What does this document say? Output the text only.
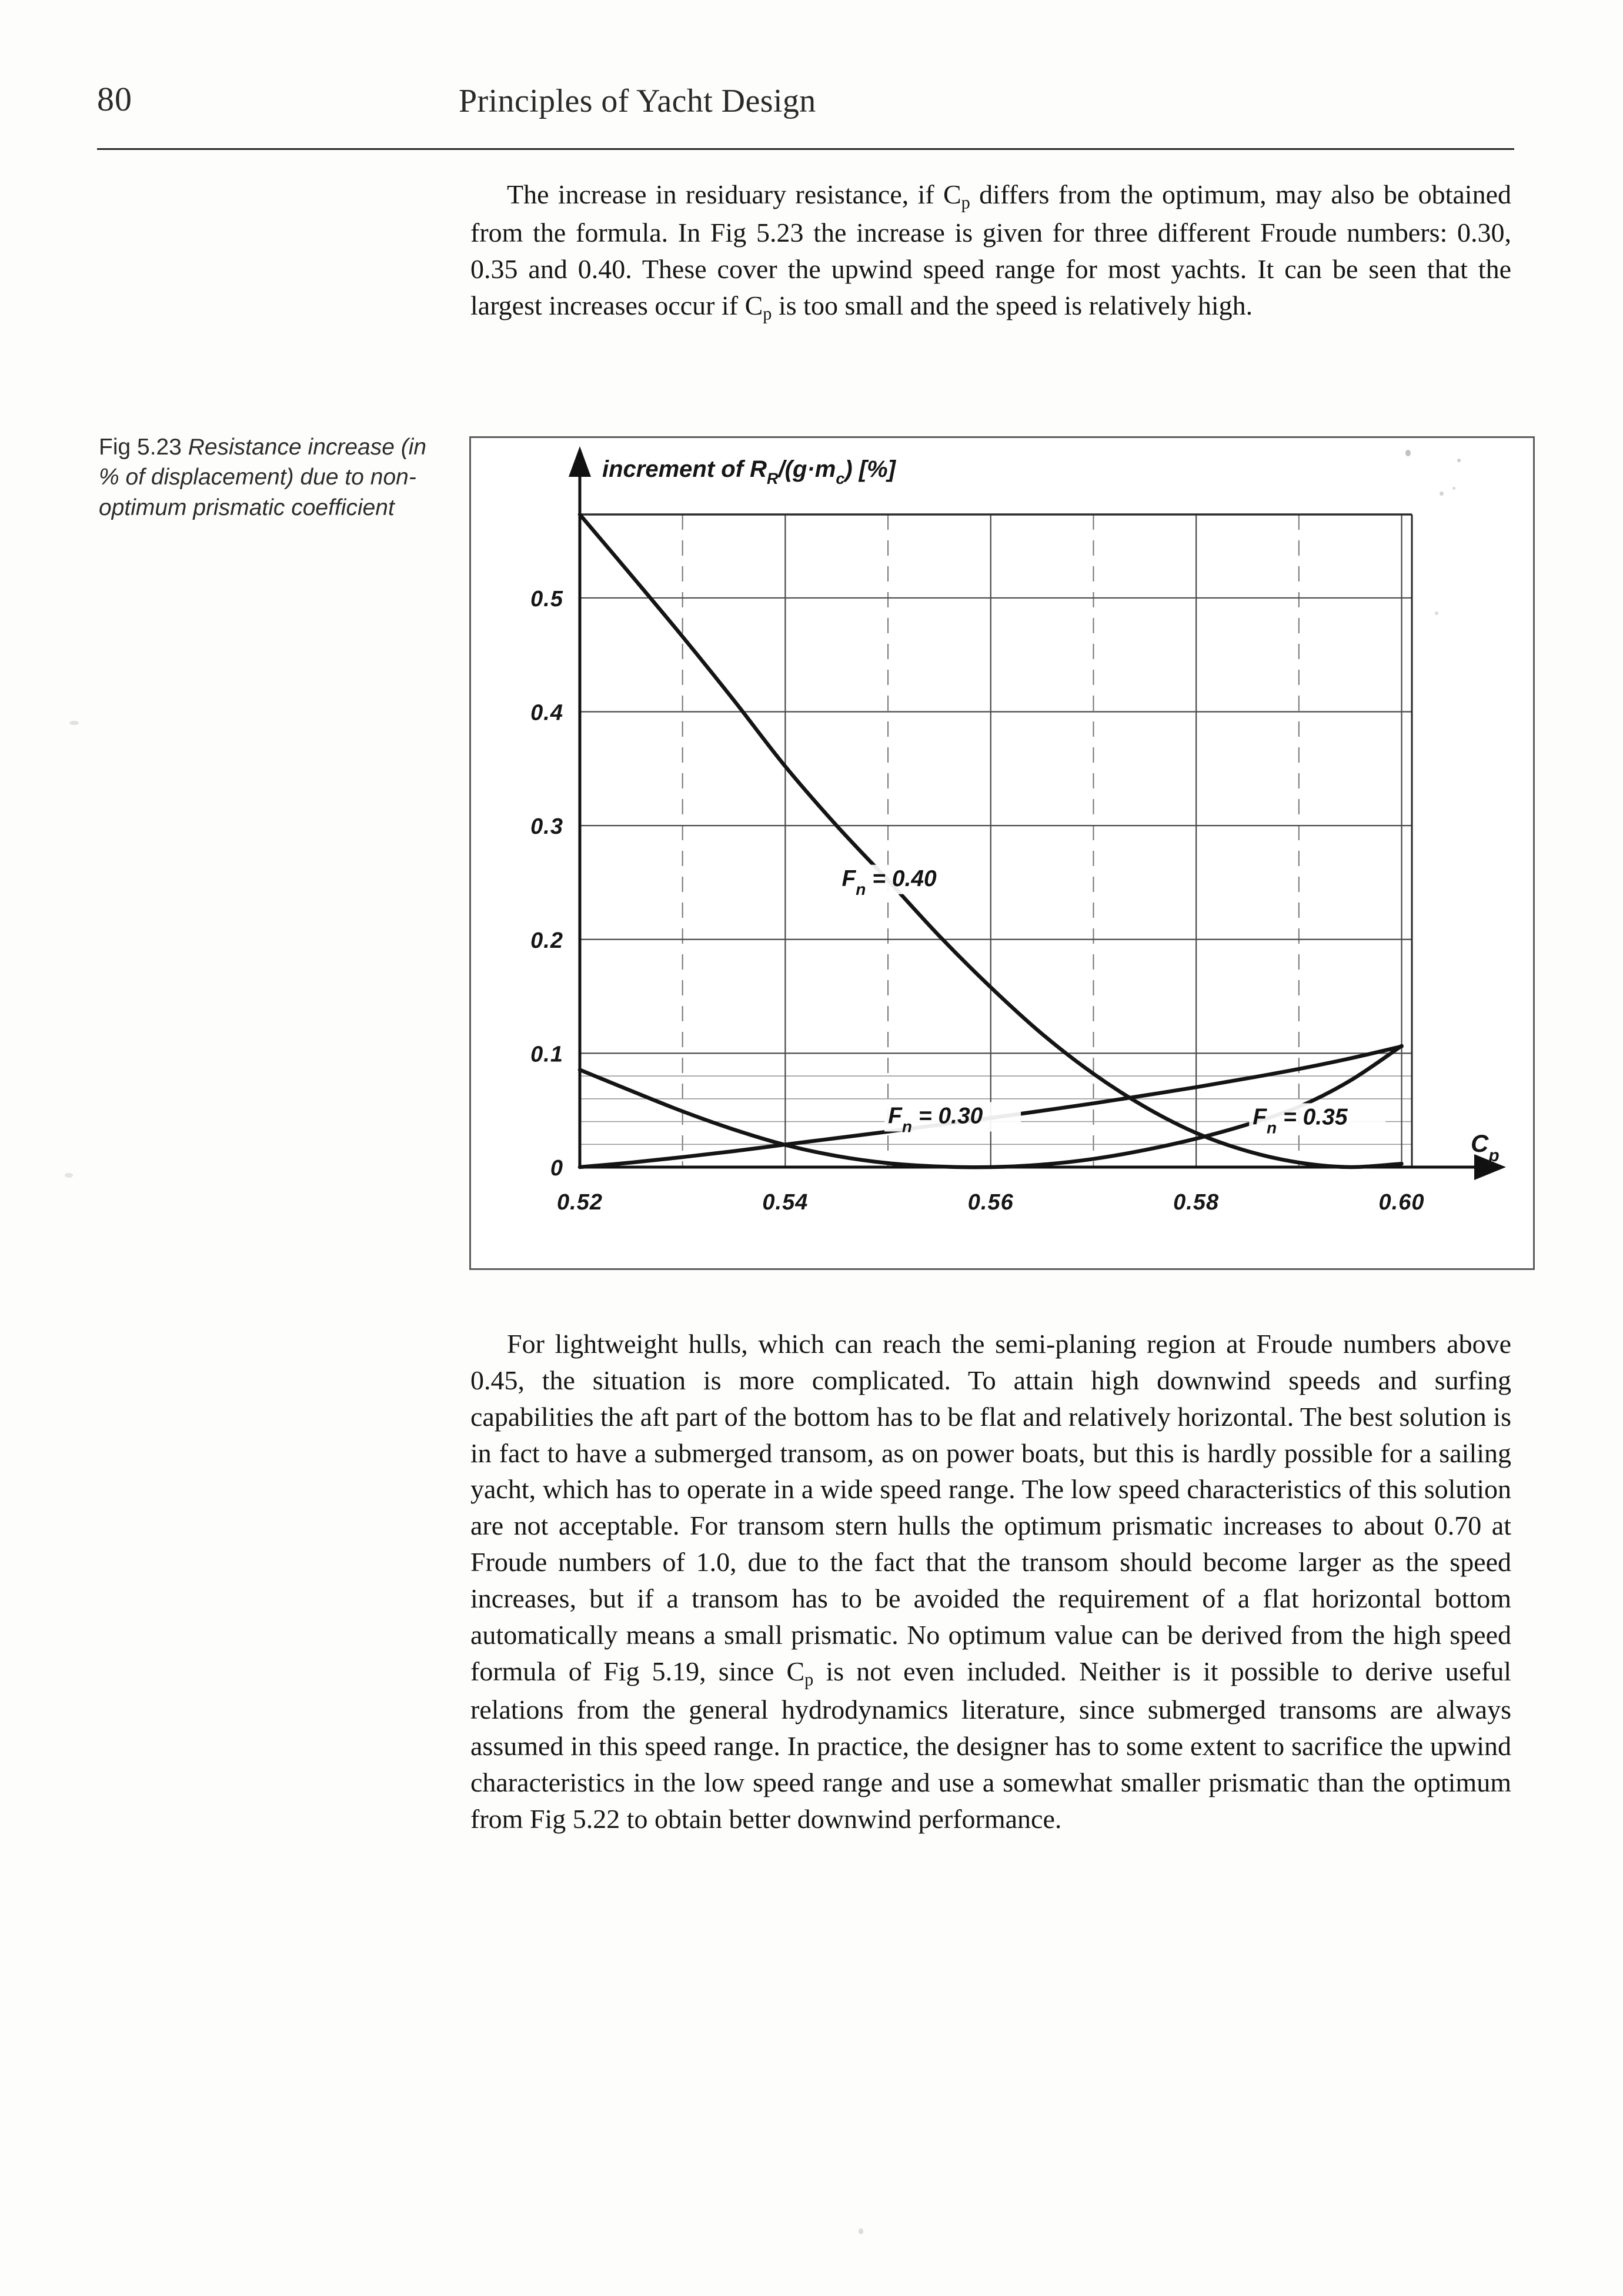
80	Principles of Yacht Design
The increase in residuary resistance, if $C_p$ differs from the optimum, may also be obtained from the formula. In Fig 5.23 the increase is given for three different Froude numbers: 0.30, 0.35 and 0.40. These cover the upwind speed range for most yachts. It can be seen that the largest increases occur if $C_p$ is too small and the speed is relatively high.
Fig 5.23 Resistance increase (in % of displacement) due to non-optimum prismatic coefficient
0
0.1
0.2
0.3
0.4
0.5
0.52	0.54	0.56	0.58	0.60
increment of $R_R/(g\cdot m_c)$ [%]
$C_p$
$F_n = 0.40$
$F_n = 0.30$	$F_n = 0.35$
For lightweight hulls, which can reach the semi-planing region at Froude numbers above 0.45, the situation is more complicated. To attain high downwind speeds and surfing capabilities the aft part of the bottom has to be flat and relatively horizontal. The best solution is in fact to have a submerged transom, as on power boats, but this is hardly possible for a sailing yacht, which has to operate in a wide speed range. The low speed characteristics of this solution are not acceptable. For transom stern hulls the optimum prismatic increases to about 0.70 at Froude numbers of 1.0, due to the fact that the transom should become larger as the speed increases, but if a transom has to be avoided the requirement of a flat horizontal bottom automatically means a small prismatic. No optimum value can be derived from the high speed formula of Fig 5.19, since $C_p$ is not even included. Neither is it possible to derive useful relations from the general hydrodynamics literature, since submerged transoms are always assumed in this speed range. In practice, the designer has to some extent to sacrifice the upwind characteristics in the low speed range and use a somewhat smaller prismatic than the optimum from Fig 5.22 to obtain better downwind performance.
